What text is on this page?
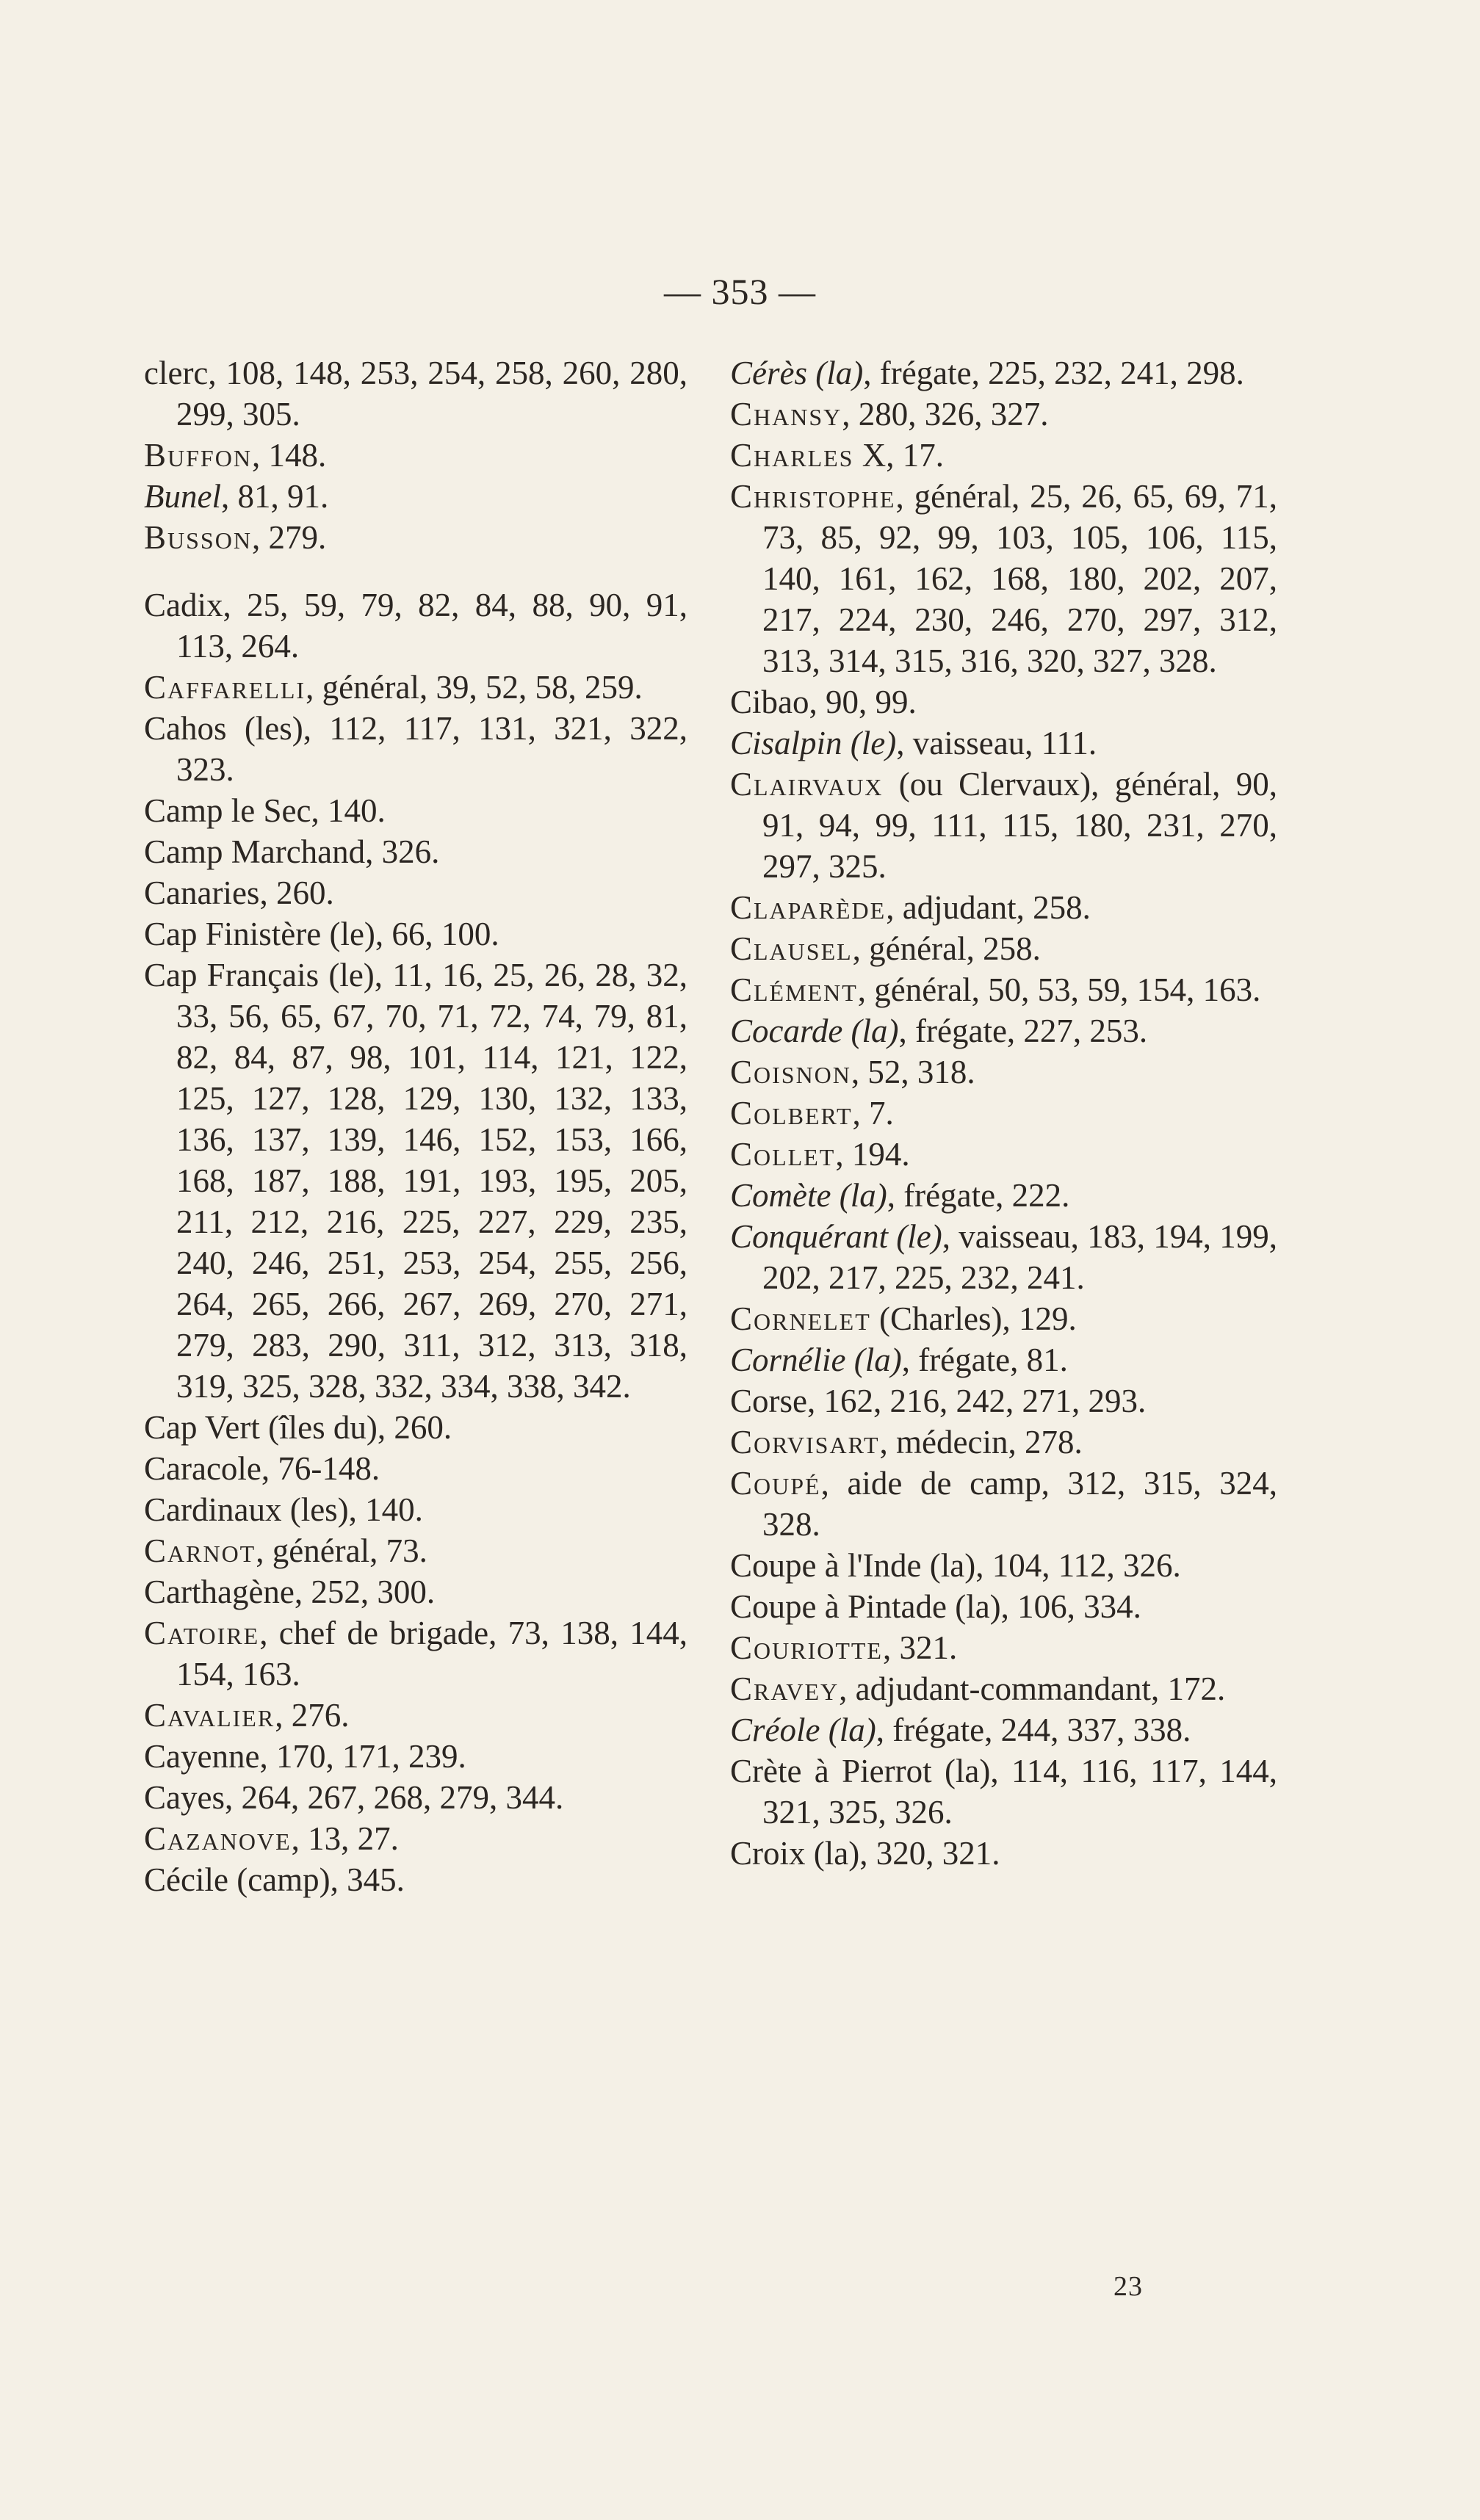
— 353 —
clerc, 108, 148, 253, 254, 258, 260, 280, 299, 305.
Buffon, 148.
Bunel, 81, 91.
Busson, 279.
Cadix, 25, 59, 79, 82, 84, 88, 90, 91, 113, 264.
Caffarelli, général, 39, 52, 58, 259.
Cahos (les), 112, 117, 131, 321, 322, 323.
Camp le Sec, 140.
Camp Marchand, 326.
Canaries, 260.
Cap Finistère (le), 66, 100.
Cap Français (le), 11, 16, 25, 26, 28, 32, 33, 56, 65, 67, 70, 71, 72, 74, 79, 81, 82, 84, 87, 98, 101, 114, 121, 122, 125, 127, 128, 129, 130, 132, 133, 136, 137, 139, 146, 152, 153, 166, 168, 187, 188, 191, 193, 195, 205, 211, 212, 216, 225, 227, 229, 235, 240, 246, 251, 253, 254, 255, 256, 264, 265, 266, 267, 269, 270, 271, 279, 283, 290, 311, 312, 313, 318, 319, 325, 328, 332, 334, 338, 342.
Cap Vert (îles du), 260.
Caracole, 76-148.
Cardinaux (les), 140.
Carnot, général, 73.
Carthagène, 252, 300.
Catoire, chef de brigade, 73, 138, 144, 154, 163.
Cavalier, 276.
Cayenne, 170, 171, 239.
Cayes, 264, 267, 268, 279, 344.
Cazanove, 13, 27.
Cécile (camp), 345.
Cérès (la), frégate, 225, 232, 241, 298.
Chansy, 280, 326, 327.
Charles X, 17.
Christophe, général, 25, 26, 65, 69, 71, 73, 85, 92, 99, 103, 105, 106, 115, 140, 161, 162, 168, 180, 202, 207, 217, 224, 230, 246, 270, 297, 312, 313, 314, 315, 316, 320, 327, 328.
Cibao, 90, 99.
Cisalpin (le), vaisseau, 111.
Clairvaux (ou Clervaux), général, 90, 91, 94, 99, 111, 115, 180, 231, 270, 297, 325.
Claparède, adjudant, 258.
Clausel, général, 258.
Clément, général, 50, 53, 59, 154, 163.
Cocarde (la), frégate, 227, 253.
Coisnon, 52, 318.
Colbert, 7.
Collet, 194.
Comète (la), frégate, 222.
Conquérant (le), vaisseau, 183, 194, 199, 202, 217, 225, 232, 241.
Cornelet (Charles), 129.
Cornélie (la), frégate, 81.
Corse, 162, 216, 242, 271, 293.
Corvisart, médecin, 278.
Coupé, aide de camp, 312, 315, 324, 328.
Coupe à l'Inde (la), 104, 112, 326.
Coupe à Pintade (la), 106, 334.
Couriotte, 321.
Cravey, adjudant-commandant, 172.
Créole (la), frégate, 244, 337, 338.
Crète à Pierrot (la), 114, 116, 117, 144, 321, 325, 326.
Croix (la), 320, 321.
23
